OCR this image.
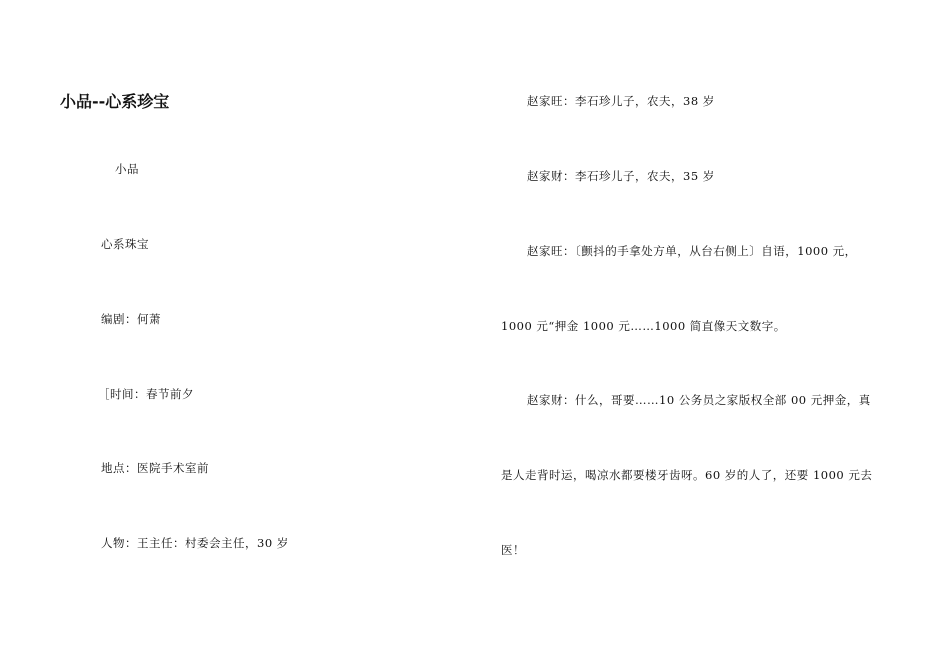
小品--心系珍宝
小品
心系珠宝
编剧：何萧
［时间：春节前夕
地点：医院手术室前
人物：王主任：村委会主任，30 岁
赵家旺：李石珍儿子，农夫，38 岁
赵家财：李石珍儿子，农夫，35 岁
赵家旺：〔颤抖的手拿处方单，从台右侧上〕自语，1000 元，
1000 元“押金 1000 元……1000 简直像天文数字。
赵家财：什么，哥要……10 公务员之家版权全部 00 元押金，真
是人走背时运，喝凉水都要楼牙齿呀。60 岁的人了，还要 1000 元去
医！
